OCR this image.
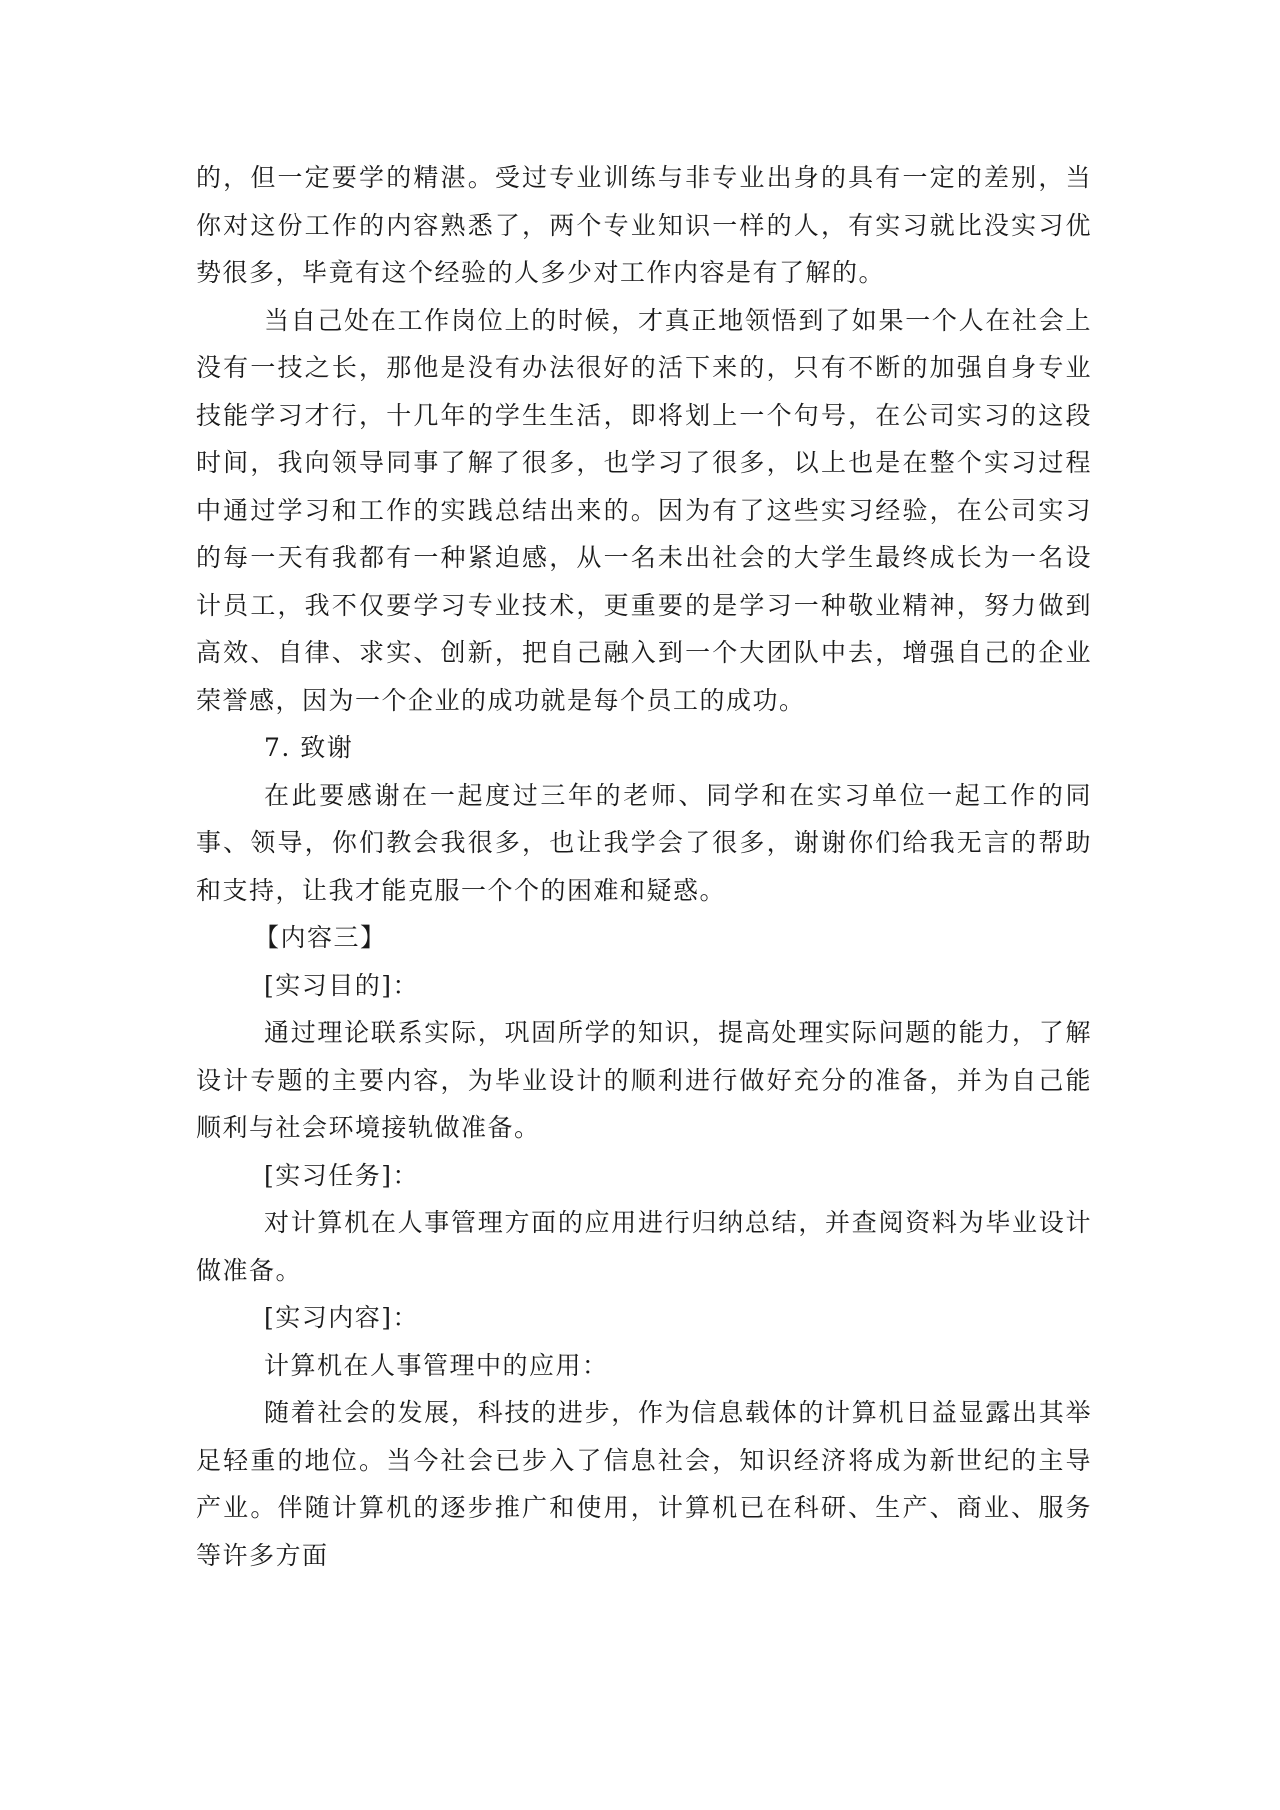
的，但一定要学的精湛。受过专业训练与非专业出身的具有一定的差别，当你对这份工作的内容熟悉了，两个专业知识一样的人，有实习就比没实习优势很多，毕竟有这个经验的人多少对工作内容是有了解的。

当自己处在工作岗位上的时候，才真正地领悟到了如果一个人在社会上没有一技之长，那他是没有办法很好的活下来的，只有不断的加强自身专业技能学习才行，十几年的学生生活，即将划上一个句号，在公司实习的这段时间，我向领导同事了解了很多，也学习了很多，以上也是在整个实习过程中通过学习和工作的实践总结出来的。因为有了这些实习经验，在公司实习的每一天有我都有一种紧迫感，从一名未出社会的大学生最终成长为一名设计员工，我不仅要学习专业技术，更重要的是学习一种敬业精神，努力做到高效、自律、求实、创新，把自己融入到一个大团队中去，增强自己的企业荣誉感，因为一个企业的成功就是每个员工的成功。

7. 致谢

在此要感谢在一起度过三年的老师、同学和在实习单位一起工作的同事、领导，你们教会我很多，也让我学会了很多，谢谢你们给我无言的帮助和支持，让我才能克服一个个的困难和疑惑。

【内容三】

[实习目的]：

通过理论联系实际，巩固所学的知识，提高处理实际问题的能力，了解设计专题的主要内容，为毕业设计的顺利进行做好充分的准备，并为自己能顺利与社会环境接轨做准备。

[实习任务]：

对计算机在人事管理方面的应用进行归纳总结，并查阅资料为毕业设计做准备。

[实习内容]：

计算机在人事管理中的应用：

随着社会的发展，科技的进步，作为信息载体的计算机日益显露出其举足轻重的地位。当今社会已步入了信息社会，知识经济将成为新世纪的主导产业。伴随计算机的逐步推广和使用，计算机已在科研、生产、商业、服务等许多方面
